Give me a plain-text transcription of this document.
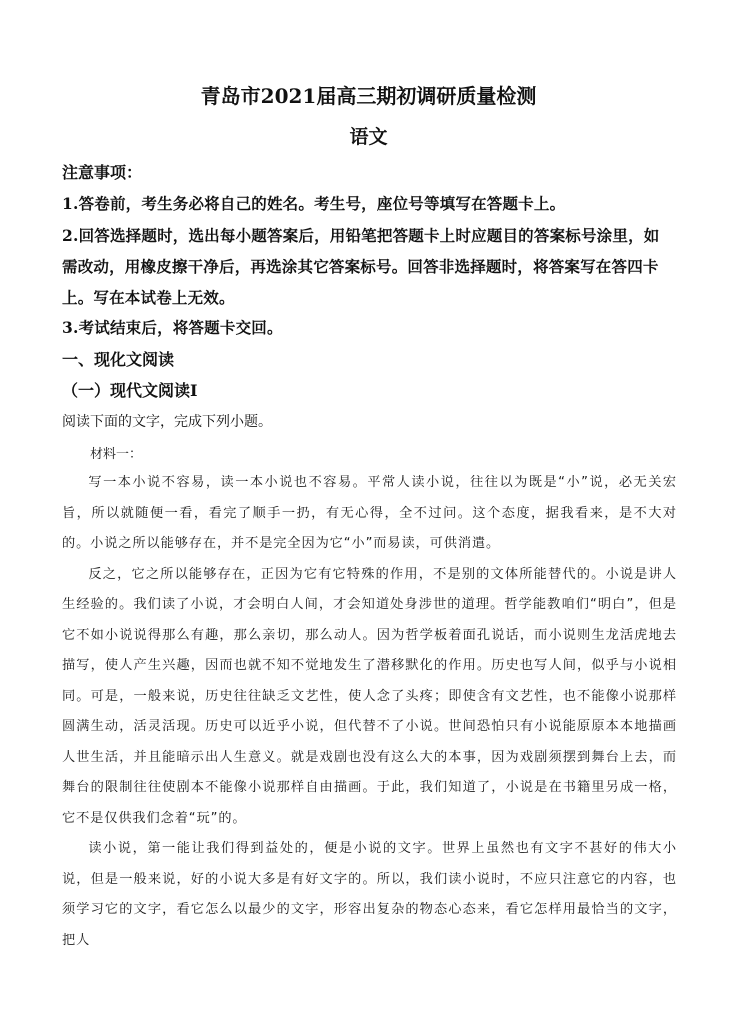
青岛市2021届高三期初调研质量检测
语文
注意事项：
1.答卷前，考生务必将自己的姓名。考生号，座位号等填写在答题卡上。
2.回答选择题时，选出每小题答案后，用铅笔把答题卡上时应题目的答案标号涂里，如
需改动，用橡皮擦干净后，再选涂其它答案标号。回答非选择题时，将答案写在答四卡
上。写在本试卷上无效。
3.考试结束后，将答题卡交回。
一、现化文阅读
（一）现代文阅读Ⅰ
阅读下面的文字，完成下列小题。
材料一：

写一本小说不容易，读一本小说也不容易。平常人读小说，往往以为既是“小”说，必无关宏旨，所以就随便一看，看完了顺手一扔，有无心得，全不过问。这个态度，据我看来，是不大对的。小说之所以能够存在，并不是完全因为它“小”而易读，可供消遣。

反之，它之所以能够存在，正因为它有它特殊的作用，不是别的文体所能替代的。小说是讲人生经验的。我们读了小说，才会明白人间，才会知道处身涉世的道理。哲学能教咱们“明白”，但是它不如小说说得那么有趣，那么亲切，那么动人。因为哲学板着面孔说话，而小说则生龙活虎地去描写，使人产生兴趣，因而也就不知不觉地发生了潜移默化的作用。历史也写人间，似乎与小说相同。可是，一般来说，历史往往缺乏文艺性，使人念了头疼；即使含有文艺性，也不能像小说那样圆满生动，活灵活现。历史可以近乎小说，但代替不了小说。世间恐怕只有小说能原原本本地描画人世生活，并且能暗示出人生意义。就是戏剧也没有这么大的本事，因为戏剧须摆到舞台上去，而舞台的限制往往使剧本不能像小说那样自由描画。于此，我们知道了，小说是在书籍里另成一格，它不是仅供我们念着“玩”的。

读小说，第一能让我们得到益处的，便是小说的文字。世界上虽然也有文字不甚好的伟大小说，但是一般来说，好的小说大多是有好文字的。所以，我们读小说时，不应只注意它的内容，也须学习它的文字，看它怎么以最少的文字，形容出复杂的物态心态来，看它怎样用最恰当的文字，把人
